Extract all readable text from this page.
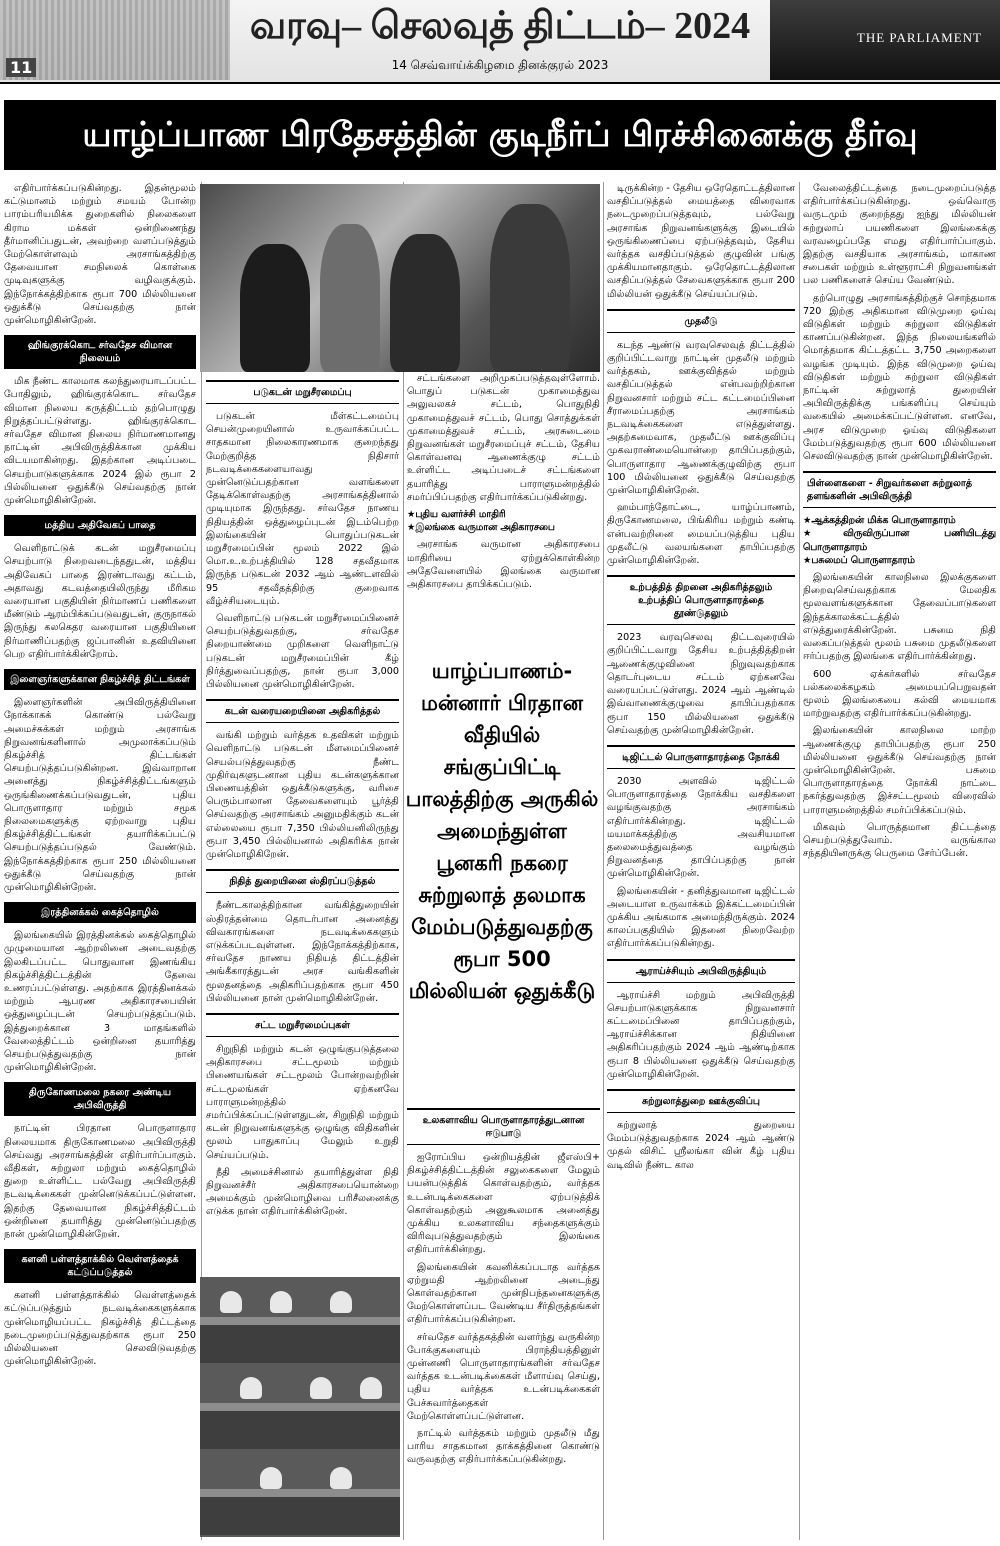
11
வரவு– செலவுத் திட்டம்– 2024
14 செவ்வாய்க்கிழமை தினக்குரல் 2023
THE PARLIAMENT
யாழ்ப்பாண பிரதேசத்தின் குடிநீர்ப் பிரச்சினைக்கு தீர்வு

எதிர்பார்க்கப்படுகின்றது. இதன்மூலம் கட்டுமானம் மற்றும் சமயம் போன்ற பாரம்பரியமிக்க துறைகளில் நிலைகளை கிராம மக்கள் ஒன்றிணைந்து தீர்மானிப்பதுடன், அவற்றை வளப்படுத்தும் மேற்கொள்ளவும் அரசாங்கத்திற்கு தேவையான சமநிலைக் கொள்கை முடிவுகளுக்கு வழிவகுக்கும். இந்நோக்கத்திற்காக ரூபா 700 மில்லியனை ஒதுக்கீடு செய்வதற்கு நான் முன்மொழிகின்றேன்.

ஹிங்குரக்கொட சர்வதேச விமான நிலையம்

மிக நீண்ட காலமாக கலந்துரையாடப்பட்ட போதிலும், ஹிங்குரக்கொட சர்வதேச விமான நிலைய கருத்திட்டம் தற்பொழுது நிறுத்தப்பட்டுள்ளது. ஹிங்குரக்கொட சர்வதேச விமான நிலைய நிர்மாணமானது நாட்டின் அபிவிருத்திக்கான முக்கிய விடயமாகின்றது. இதற்கான அடிப்படை செயற்பாடுகளுக்காக 2024 இல் ரூபா 2 பில்லியனை ஒதுக்கீடு செய்வதற்கு நான் முன்மொழிகின்றேன்.

மத்திய அதிவேகப் பாதை

வெளிநாட்டுக் கடன் மறுசீரமைப்பு செயற்பாடு நிறைவடைந்ததுடன், மத்திய அதிவேகப் பாதை இரண்டாவது கட்டம், அதாவது கடவத்தையிலிருந்து மீரிகம வரையான பகுதியின் நிர்மாணப் பணிகளை மீண்டும் ஆரம்பிக்கப்படுவதுடன், குருநாகல் இருந்து கலகெதர வரையான பகுதியினை நிர்மாணிப்பதற்கு ஜப்பானின் உதவியினை பெற எதிர்பார்க்கின்றோம்.

இளைஞர்களுக்கான நிகழ்ச்சித் திட்டங்கள்

இளைஞர்களின் அபிவிருத்தியினை நோக்காகக் கொண்டு பல்வேறு அமைச்சுக்கள் மற்றும் அரசாங்க நிறுவனங்களினால் அமுலாக்கப்படும் நிகழ்ச்சித் திட்டங்கள் செயற்படுத்தப்படுகின்றன. இவ்வாறான அனைத்து நிகழ்ச்சித்திட்டங்களும் ஒருங்கிணைக்கப்படுவதுடன், புதிய பொருளாதார மற்றும் சமூக நிலைமைகளுக்கு ஏற்றவாறு புதிய நிகழ்ச்சித்திட்டங்கள் தயாரிக்கப்பட்டு செயற்படுத்தப்படுதல் வேண்டும். இந்நோக்கத்திற்காக ரூபா 250 மில்லியனை ஒதுக்கீடு செய்வதற்கு நான் முன்மொழிகின்றேன்.

இரத்தினக்கல் கைத்தொழில்

இலங்கையில் இரத்தினக்கல் கைத்தொழில் முழுமையான ஆற்றலினை அடைவதற்கு இலகிடப்பட்ட பொதுவான இணங்கிய நிகழ்ச்சித்திட்டத்தின் தேவை உணரப்பட்டுள்ளது. அதற்காக இரத்தினக்கல் மற்றும் ஆபரண அதிகாரசபையின் ஒத்துழைப்புடன் செயற்படுத்தப்படும். இத்துறைக்கான 3 மாதங்களில் வேலைத்திட்டம் ஒன்றினை தயாரித்து செயற்படுத்துவதற்கு நான் முன்மொழிகின்றேன்.

திருகோணமலை நகரை அண்டிய அபிவிருத்தி

நாட்டின் பிரதான பொருளாதார நிலையமாக திருகோணமலை அபிவிருத்தி செய்வது அரசாங்கத்தின் எதிர்பார்ப்பாகும். வீதிகள், சுற்றுலா மற்றும் கைத்தொழில் துறை உள்ளிட்ட பல்வேறு அபிவிருத்தி நடவடிக்கைகள் முன்னெடுக்கப்பட்டுள்ளன. இதற்கு தேவையான நிகழ்ச்சித்திட்டம் ஒன்றினை தயாரித்து முன்னெடுப்பதற்கு நான் முன்மொழிகின்றேன்.

களனி பள்ளத்தாக்கில் வெள்ளத்தைக் கட்டுப்படுத்தல்

களனி பள்ளத்தாக்கில் வெள்ளத்தைக் கட்டுப்படுத்தும் நடவடிக்கைகளுக்காக முன்மொழியப்பட்ட நிகழ்ச்சித் திட்டத்தை நடைமுறைப்படுத்துவதற்காக ரூபா 250 மில்லியனை செலவிடுவதற்கு முன்மொழிகின்றேன்.

படுகடன் மறுசீரமைப்பு

படுகடன் மீள்கட்டமைப்பு செயன்முறையினால் உருவாக்கப்பட்ட சாதகமான நிலைகாரணமாக குறைந்தது மேற்குறித்த நிதிசார் நடவடிக்கைகளையாவது முன்னெடுப்பதற்கான வளங்களை தேடிக்கொள்வதற்கு அரசாங்கத்தினால் முடியுமாக இருந்தது. சர்வதேச நாணய நிதியத்தின் ஒத்துழைப்புடன் இடம்பெற்ற இலங்கையின் பொதுப்படுகடன் மறுசீரமைப்பின் மூலம் 2022 இல் மொ.உ.உற்பத்தியில் 128 சதவீதமாக இருந்த படுகடன் 2032 ஆம் ஆண்டளவில் 95 சதவீதத்திற்கு குறைவாக வீழ்ச்சியடையும்.

வெளிநாட்டு படுகடன் மறுசீரமைப்பினைச் செயற்படுத்துவதற்கு, சர்வதேச நிறையாண்மை முறிகளை வெளிநாட்டு படுகடன் மறுசீரமைப்பின் கீழ் நிர்த்துவைப்பதற்கு, நான் ரூபா 3,000 பில்லியனை முன்மொழிகின்றேன்.

கடன் வரையறையினை அதிகரித்தல்

வங்கி மற்றும் வர்த்தக உதவிகள் மற்றும் வெளிநாட்டு படுகடன் மீளமைப்பினைச் செயல்படுத்துவதற்கு நீண்ட முதிர்வுகளுடனான புதிய கடன்களுக்கான பிணையத்தின் ஒதுக்கீடுகளுக்கு, வரிசை பெரும்பாலான தேவைகளையும் பூர்த்தி செய்வதற்கு அரசாங்கம் அனுமதிக்கும் கடன் எல்லையை ரூபா 7,350 பில்லியனிலிருந்து ரூபா 3,450 பில்லியனால் அதிகரிக்க நான் முன்மொழிகிறேன்.

நிதித் துறையினை ஸ்திரப்படுத்தல்

நீண்டகாலத்திற்கான வங்கித்துறையின் ஸ்திரத்தன்மை தொடர்பான அனைத்து விவகாரங்களை நடவடிக்கைகளும் எடுக்கப்படவுள்ளன. இந்நோக்கத்திற்காக, சர்வதேச நாணய நிதியத் திட்டத்தின் அங்கீகாரத்துடன் அரச வங்கிகளின் மூலதனத்தை அதிகரிப்பதற்காக ரூபா 450 பில்லியனை நான் முன்மொழிகின்றேன்.

சட்ட மறுசீரமைப்புகள்

சிறுநிதி மற்றும் கடன் ஒழுங்குபடுத்தலை அதிகாரசபை சட்டமூலம் மற்றும் பிணையங்கள் சட்டமூலம் போன்றவற்றின் சட்டமூலங்கள் ஏற்கனவே பாராளுமன்றத்தில் சமர்ப்பிக்கப்பட்டுள்ளதுடன், சிறுநிதி மற்றும் கடன் நிறுவனங்களுக்கு ஒழுங்கு விதிகளின் மூலம் பாதுகாப்பு மேலும் உறுதி செய்யப்படும்.

நீதி அமைச்சினால் தயாரித்துள்ள நிதி நிறுவனச்சீர் அதிகாரசபையொன்றை அமைக்கும் முன்மொழிவை பரிசீலனைக்கு எடுக்க நான் எதிர்பார்க்கின்றேன்.

சட்டங்களை அறிமுகப்படுத்தவுள்ளோம். பொதுப் படுகடன் முகாமைத்துவ அலுவலகச் சட்டம், பொதுநிதி முகாமைத்துவச் சட்டம், பொது சொத்துக்கள் முகாமைத்துவச் சட்டம், அரசுடைமை நிறுவனங்கள் மறுசீரமைப்புச் சட்டம், தேசிய கொள்வனவு ஆணைக்குழு சட்டம் உள்ளிட்ட அடிப்படைச் சட்டங்களை தயாரித்து பாராளுமன்றத்தில் சமர்ப்பிப்பதற்கு எதிர்பார்க்கப்படுகின்றது.

★ புதிய வளர்ச்சி மாதிரி
★ இலங்கை வருமான அதிகாரசபை

அரசாங்க வருமான அதிகாரசபை மாதிரியை ஏற்றுக்கொள்கின்ற அதேவேளையில் இலங்கை வருமான அதிகாரசபை தாபிக்கப்படும்.

யாழ்ப்பாணம்- மன்னார் பிரதான வீதியில் சங்குப்பிட்டி பாலத்திற்கு அருகில் அமைந்துள்ள பூனகரி நகரை சுற்றுலாத் தலமாக மேம்படுத்துவதற்கு ரூபா 500 மில்லியன் ஒதுக்கீடு
உலகளாவிய பொருளாதாரத்துடனான ஈடுபாடு

ஐரோப்பிய ஒன்றியத்தின் ஜீஎஸ்பி+ நிகழ்ச்சித்திட்டத்தின் சலுகைகளை மேலும் பயன்படுத்திக் கொள்வதற்கும், வர்த்தக உடன்படிக்கைகளை ஏற்படுத்திக் கொள்வதற்கும் அனுகூலமாக அனைத்து முக்கிய உலகளாவிய சந்தைகளுக்கும் விரிவுபடுத்துவதற்கும் இலங்கை எதிர்பார்க்கின்றது.

இலங்கையின் கவனிக்கப்படாத வர்த்தக ஏற்றுமதி ஆற்றலினை அடைந்து கொள்வதற்கான முன்நிபந்தனைகளுக்கு மேற்கொள்ளப்பட வேண்டிய சீர்திருத்தங்கள் எதிர்பார்க்கப்படுகின்றன.

சர்வதேச வர்த்தகத்தின் வளர்ந்து வருகின்ற போக்குகளையும் பிராந்தியத்தினுள் முன்னணி பொருளாதாரங்களின் சர்வதேச வர்த்தக உடன்படிக்கைகள் மீளாய்வு செய்து, புதிய வர்த்தக உடன்படிக்கைகள் பேச்சுவார்த்தைகள் மேற்கொள்ளப்பட்டுள்ளன.

நாட்டில் வர்த்தகம் மற்றும் முதலீடு மீது பாரிய சாதகமான தாக்கத்தினை கொண்டு வருவதற்கு எதிர்பார்க்கப்படுகின்றது.

டிருக்கின்ற - தேசிய ஒரேதொட்டத்திலான வசதிப்படுத்தல் மையத்தை விரைவாக நடைமுறைப்படுத்தவும், பல்வேறு அரசாங்க நிறுவனங்களுக்கு இடையில் ஒருங்கிணைப்பை ஏற்படுத்தவும், தேசிய வர்த்தக வசதிப்படுத்தல் குழுவின் பங்கு முக்கியமானதாகும். ஒரேதொட்டத்திலான வசதிப்படுத்தல் சேவைகளுக்காக ரூபா 200 மில்லியன் ஒதுக்கீடு செய்யப்படும்.

முதலீடு

கடந்த ஆண்டு வரவுசெலவுத் திட்டத்தில் குறிப்பிட்டவாறு நாட்டின் முதலீடு மற்றும் வர்த்தகம், ஊக்குவித்தல் மற்றும் வசதிப்படுத்தல் என்பவற்றிற்கான நிறுவனசார் மற்றும் சட்ட கட்டமைப்பினை சீராமைப்பதற்கு அரசாங்கம் நடவடிக்கைகளை எடுத்துள்ளது. அதற்கமைவாக, முதலீட்டு ஊக்குவிப்பு முகவராண்மையொன்றை தாபிப்பதற்கும், பொருளாதார ஆணைக்குழுவிற்கு ரூபா 100 மில்லியனை ஒதுக்கீடு செய்வதற்கு முன்மொழிகின்றேன்.

ஹம்பாந்தோட்டை, யாழ்ப்பாணம், திருகோணமலை, பிங்கிரிய மற்றும் கண்டி என்பவற்றினை மையப்படுத்திய புதிய முதலீட்டு வலயங்களை தாபிப்பதற்கு முன்மொழிகின்றேன்.

உற்பத்தித் திறனை அதிகரித்தலும் உற்பத்திப் பொருளாதாரத்தை தூண்டுதலும்

2023 வரவுசெலவு திட்டவுரையில் குறிப்பிட்டவாறு தேசிய உற்பத்தித்திறன் ஆணைக்குழுவினை நிறுவுவதற்காக தொடர்புடைய சட்டம் ஏற்கனவே வரையப்பட்டுள்ளது. 2024 ஆம் ஆண்டில் இவ்வாணைக்குழுவை தாபிப்பதற்காக ரூபா 150 மில்லியனை ஒதுக்கீடு செய்வதற்கு முன்மொழிகின்றேன்.

டிஜிட்டல் பொருளாதாரத்தை நோக்கி

2030 அளவில் டிஜிட்டல் பொருளாதாரத்தை நோக்கிய வசதிகளை வழங்குவதற்கு அரசாங்கம் எதிர்பார்க்கின்றது. டிஜிட்டல் மயமாக்கத்திற்கு அவசியமான தலைமைத்துவத்தை வழங்கும் நிறுவனத்தை தாபிப்பதற்கு நான் முன்மொழிகின்றேன்.

இலங்கையின் - தனித்துவமான டிஜிட்டல் அடையாள உருவாக்கம் இக்கட்டமைப்பின் முக்கிய அங்கமாக அமைந்திருக்கும். 2024 காலப்பகுதியில் இதனை நிறைவேற்ற எதிர்பார்க்கப்படுகின்றது.

ஆராய்ச்சியும் அபிவிருத்தியும்

ஆராய்ச்சி மற்றும் அபிவிருத்தி செயற்பாடுகளுக்காக நிறுவனசார் கட்டமைப்பினை தாபிப்பதற்கும், ஆராய்ச்சிக்கான நிதியினை அதிகரிப்பதற்கும் 2024 ஆம் ஆண்டிற்காக ரூபா 8 பில்லியனை ஒதுக்கீடு செய்வதற்கு முன்மொழிகின்றேன்.

சுற்றுலாத்துறை ஊக்குவிப்பு

சுற்றுலாத் துறையை மேம்படுத்துவதற்காக 2024 ஆம் ஆண்டு முதல் விசிட் ஸ்ரீலங்கா வின் கீழ் புதிய வடிவில் நீண்ட கால

வேலைத்திட்டத்தை நடைமுறைப்படுத்த எதிர்பார்க்கப்படுகின்றது. ஒவ்வொரு வருடமும் குறைந்தது ஐந்து மில்லியன் சுற்றுலாப் பயணிகளை இலங்கைக்கு வரவழைப்பதே எமது எதிர்பார்ப்பாகும். இதற்கு வசதியாக அரசாங்கம், மாகாண சபைகள் மற்றும் உள்ளூராட்சி நிறுவனங்கள் பல பணிகளைச் செய்ய வேண்டும்.

தற்பொழுது அரசாங்கத்திற்குச் சொந்தமாக 720 இற்கு அதிகமான விடுமுறை ஓய்வு விடுதிகள் மற்றும் சுற்றுலா விடுதிகள் காணப்படுகின்றன. இந்த நிலையங்களில் மொத்தமாக கிட்டத்தட்ட 3,750 அறைகளை வழங்க முடியும். இந்த விடுமுறை ஓய்வு விடுதிகள் மற்றும் சுற்றுலா விடுதிகள் நாட்டின் சுற்றுலாத் துறையின் அபிவிருத்திக்கு பங்களிப்பு செய்யும் வகையில் அமைக்கப்பட்டுள்ளன. எனவே, அரச விடுமுறை ஓய்வு விடுதிகளை மேம்படுத்துவதற்கு ரூபா 600 மில்லியனை செலவிடுவதற்கு நான் முன்மொழிகின்றேன்.

பிள்ளைகளை - சிறுவர்களை சுற்றுலாத் தளங்களின் அபிவிருத்தி
★ ஆக்கத்திறன் மிக்க பொருளாதாரம்
★ விருவிருப்பான பணியிடத்து பொருளாதாரம்
★ பசுமைப் பொருளாதாரம்

இலங்கையின் காலநிலை இலக்குகளை நிறைவுசெய்வதற்காக மேலதிக மூலவளங்களுக்கான தேவைப்பாடுகளை இந்தக்காலக்கட்டத்தில் எடுத்துரைக்கின்றேன். பசுமை நிதி வகைப்படுத்தல் மூலம் பசுமை முதலீடுகளை ஈர்ப்பதற்கு இலங்கை எதிர்பார்க்கின்றது.

600 ஏக்கர்களில் சர்வதேச பல்கலைக்கழகம் அமையப்பெறுவதன் மூலம் இலங்கையை கல்வி மையமாக மாற்றுவதற்கு எதிர்பார்க்கப்படுகின்றது.

இலங்கையின் காலநிலை மாற்ற ஆணைக்குழு தாபிப்பதற்கு ரூபா 250 மில்லியனை ஒதுக்கீடு செய்வதற்கு நான் முன்மொழிகின்றேன். பசுமை பொருளாதாரத்தை நோக்கி நாட்டை நகர்த்துவதற்கு இச்சட்டமூலம் விரைவில் பாராளுமன்றத்தில் சமர்ப்பிக்கப்படும்.

மிகவும் பொருத்தமான திட்டத்தை செயற்படுத்துவோம். வருங்கால சந்ததியினருக்கு பெருமை சேர்ப்பேன்.
